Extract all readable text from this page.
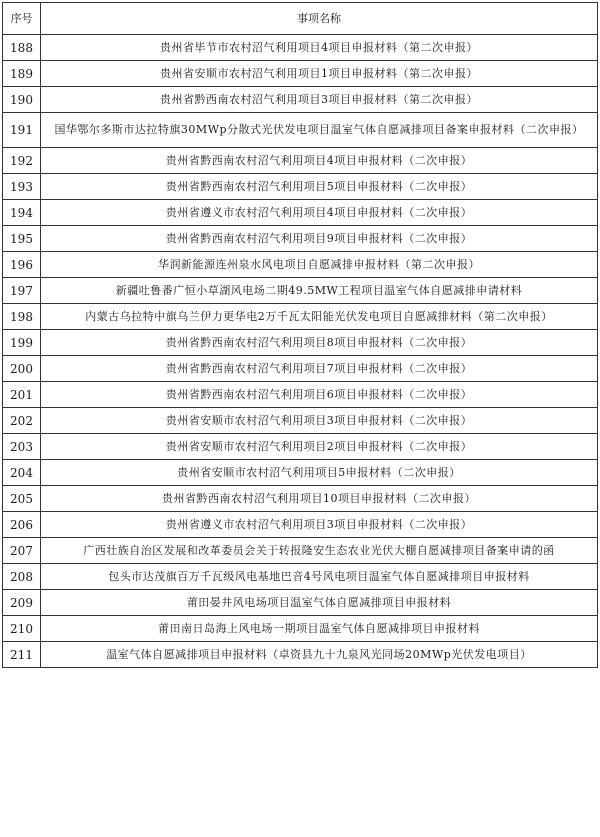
序号	事项名称
188	贵州省毕节市农村沼气利用项目4项目申报材料（第二次申报）
189	贵州省安顺市农村沼气利用项目1项目申报材料（第二次申报）
190	贵州省黔西南农村沼气利用项目3项目申报材料（第二次申报）
191	国华鄂尔多斯市达拉特旗30MWp分散式光伏发电项目温室气体自愿减排项目备案申报材料（二次申报）
192	贵州省黔西南农村沼气利用项目4项目申报材料（二次申报）
193	贵州省黔西南农村沼气利用项目5项目申报材料（二次申报）
194	贵州省遵义市农村沼气利用项目4项目申报材料（二次申报）
195	贵州省黔西南农村沼气利用项目9项目申报材料（二次申报）
196	华润新能源连州泉水风电项目自愿减排申报材料（第二次申报）
197	新疆吐鲁番广恒小草湖风电场二期49.5MW工程项目温室气体自愿减排申请材料
198	内蒙古乌拉特中旗乌兰伊力更华电2万千瓦太阳能光伏发电项目自愿减排材料（第二次申报）
199	贵州省黔西南农村沼气利用项目8项目申报材料（二次申报）
200	贵州省黔西南农村沼气利用项目7项目申报材料（二次申报）
201	贵州省黔西南农村沼气利用项目6项目申报材料（二次申报）
202	贵州省安顺市农村沼气利用项目3项目申报材料（二次申报）
203	贵州省安顺市农村沼气利用项目2项目申报材料（二次申报）
204	贵州省安顺市农村沼气利用项目5申报材料（二次申报）
205	贵州省黔西南农村沼气利用项目10项目申报材料（二次申报）
206	贵州省遵义市农村沼气利用项目3项目申报材料（二次申报）
207	广西壮族自治区发展和改革委员会关于转报隆安生态农业光伏大棚自愿减排项目备案申请的函
208	包头市达茂旗百万千瓦级风电基地巴音4号风电项目温室气体自愿减排项目申报材料
209	莆田晏井风电场项目温室气体自愿减排项目申报材料
210	莆田南日岛海上风电场一期项目温室气体自愿减排项目申报材料
211	温室气体自愿减排项目申报材料（卓资县九十九泉风光同场20MWp光伏发电项目）
